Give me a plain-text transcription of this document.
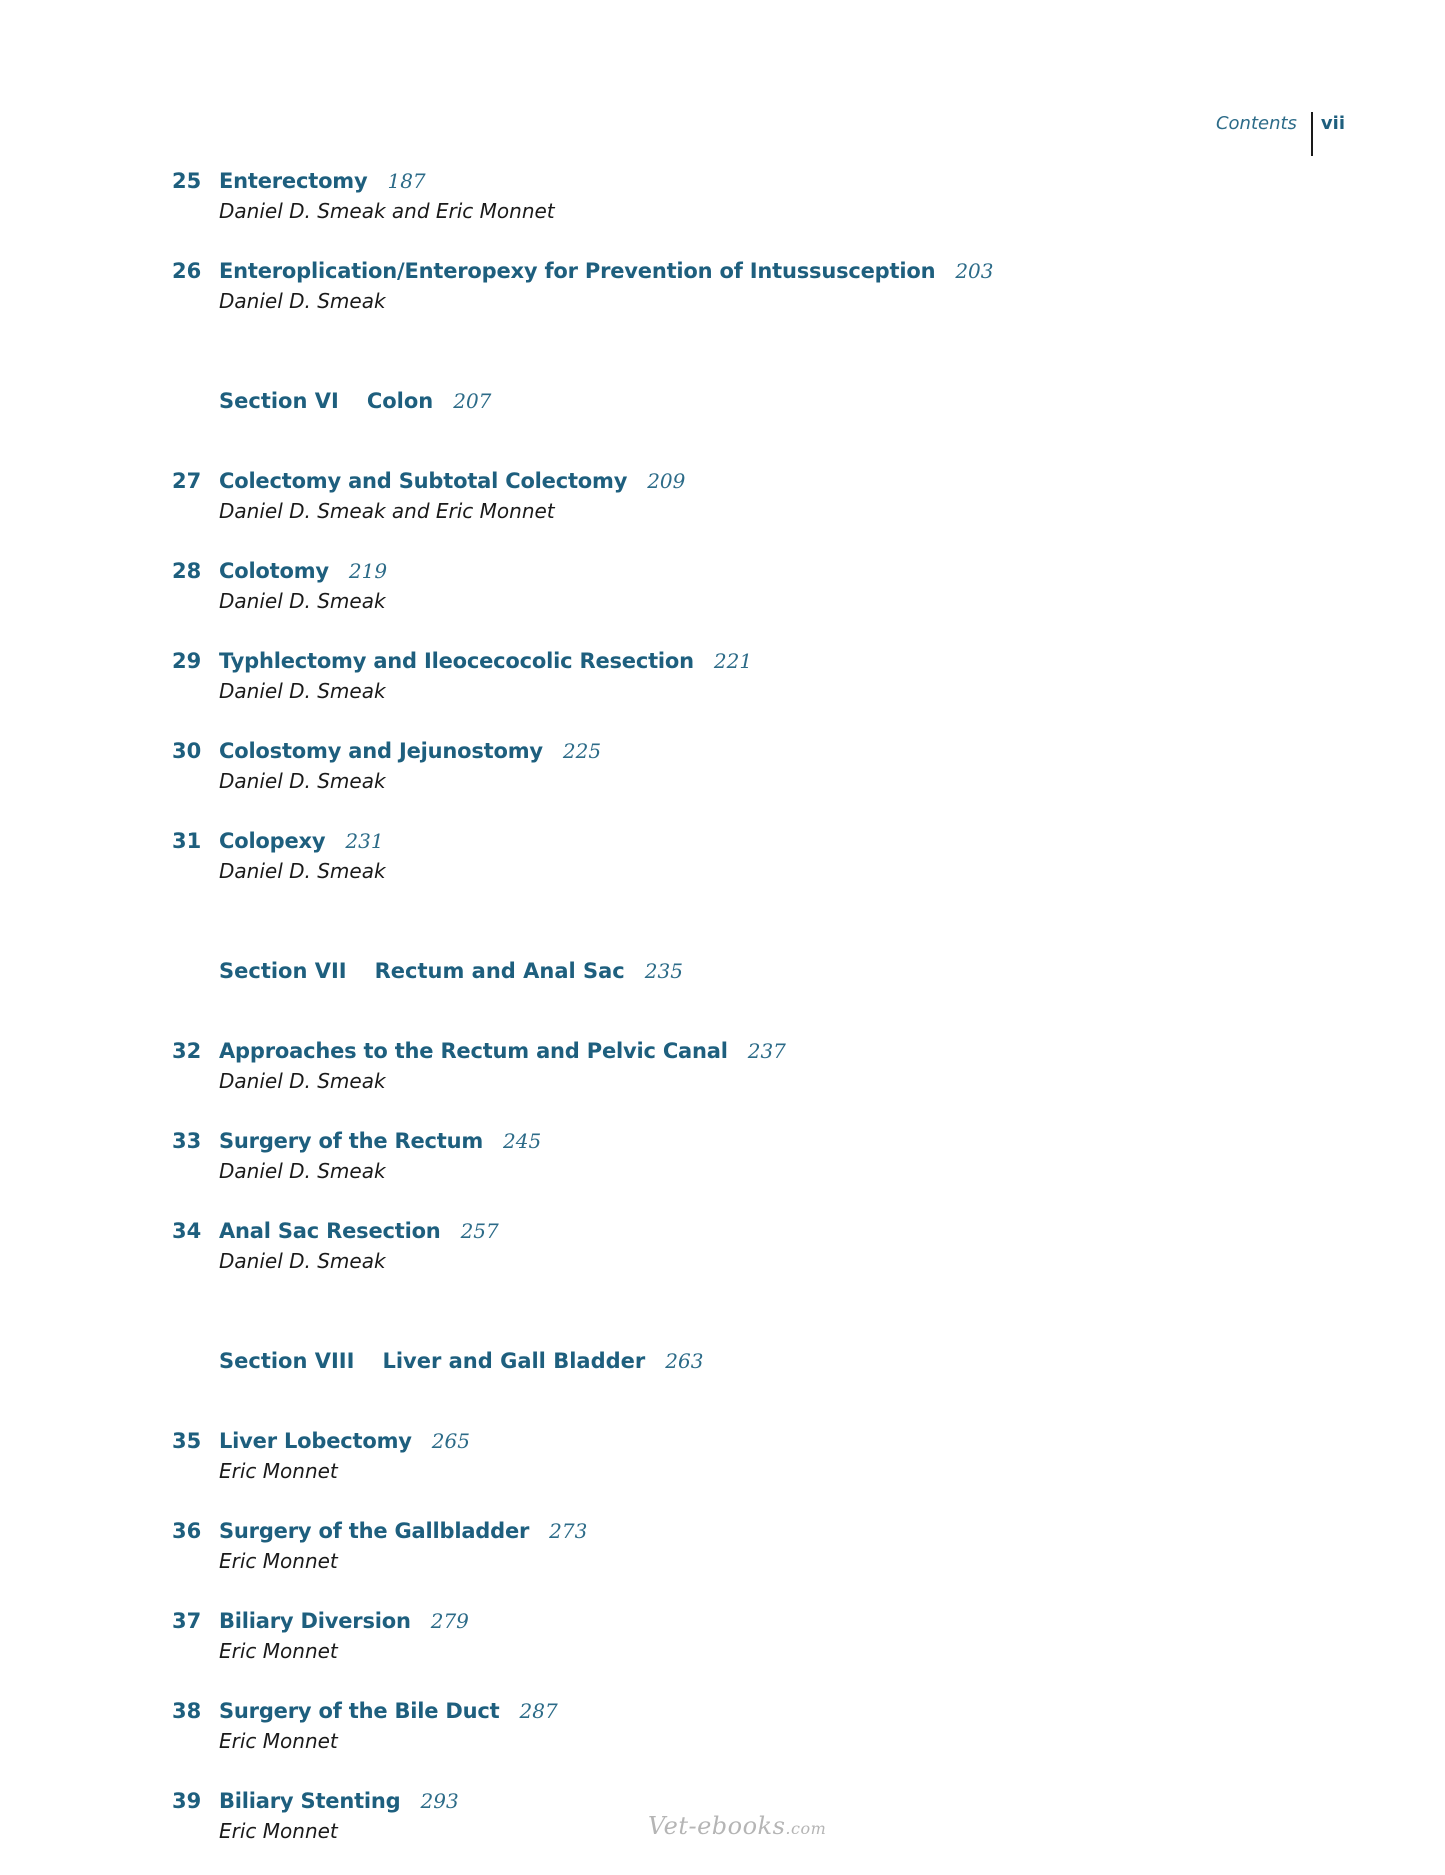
Contents	vii
25 Enterectomy 187
Daniel D. Smeak and Eric Monnet
26 Enteroplication/Enteropexy for Prevention of Intussusception 203
Daniel D. Smeak
Section VI Colon 207
27 Colectomy and Subtotal Colectomy 209
Daniel D. Smeak and Eric Monnet
28 Colotomy 219
Daniel D. Smeak
29 Typhlectomy and Ileocecocolic Resection 221
Daniel D. Smeak
30 Colostomy and Jejunostomy 225
Daniel D. Smeak
31 Colopexy 231
Daniel D. Smeak
Section VII Rectum and Anal Sac 235
32 Approaches to the Rectum and Pelvic Canal 237
Daniel D. Smeak
33 Surgery of the Rectum 245
Daniel D. Smeak
34 Anal Sac Resection 257
Daniel D. Smeak
Section VIII Liver and Gall Bladder 263
35 Liver Lobectomy 265
Eric Monnet
36 Surgery of the Gallbladder 273
Eric Monnet
37 Biliary Diversion 279
Eric Monnet
38 Surgery of the Bile Duct 287
Eric Monnet
39 Biliary Stenting 293
Eric Monnet	Vet-ebooks.com
